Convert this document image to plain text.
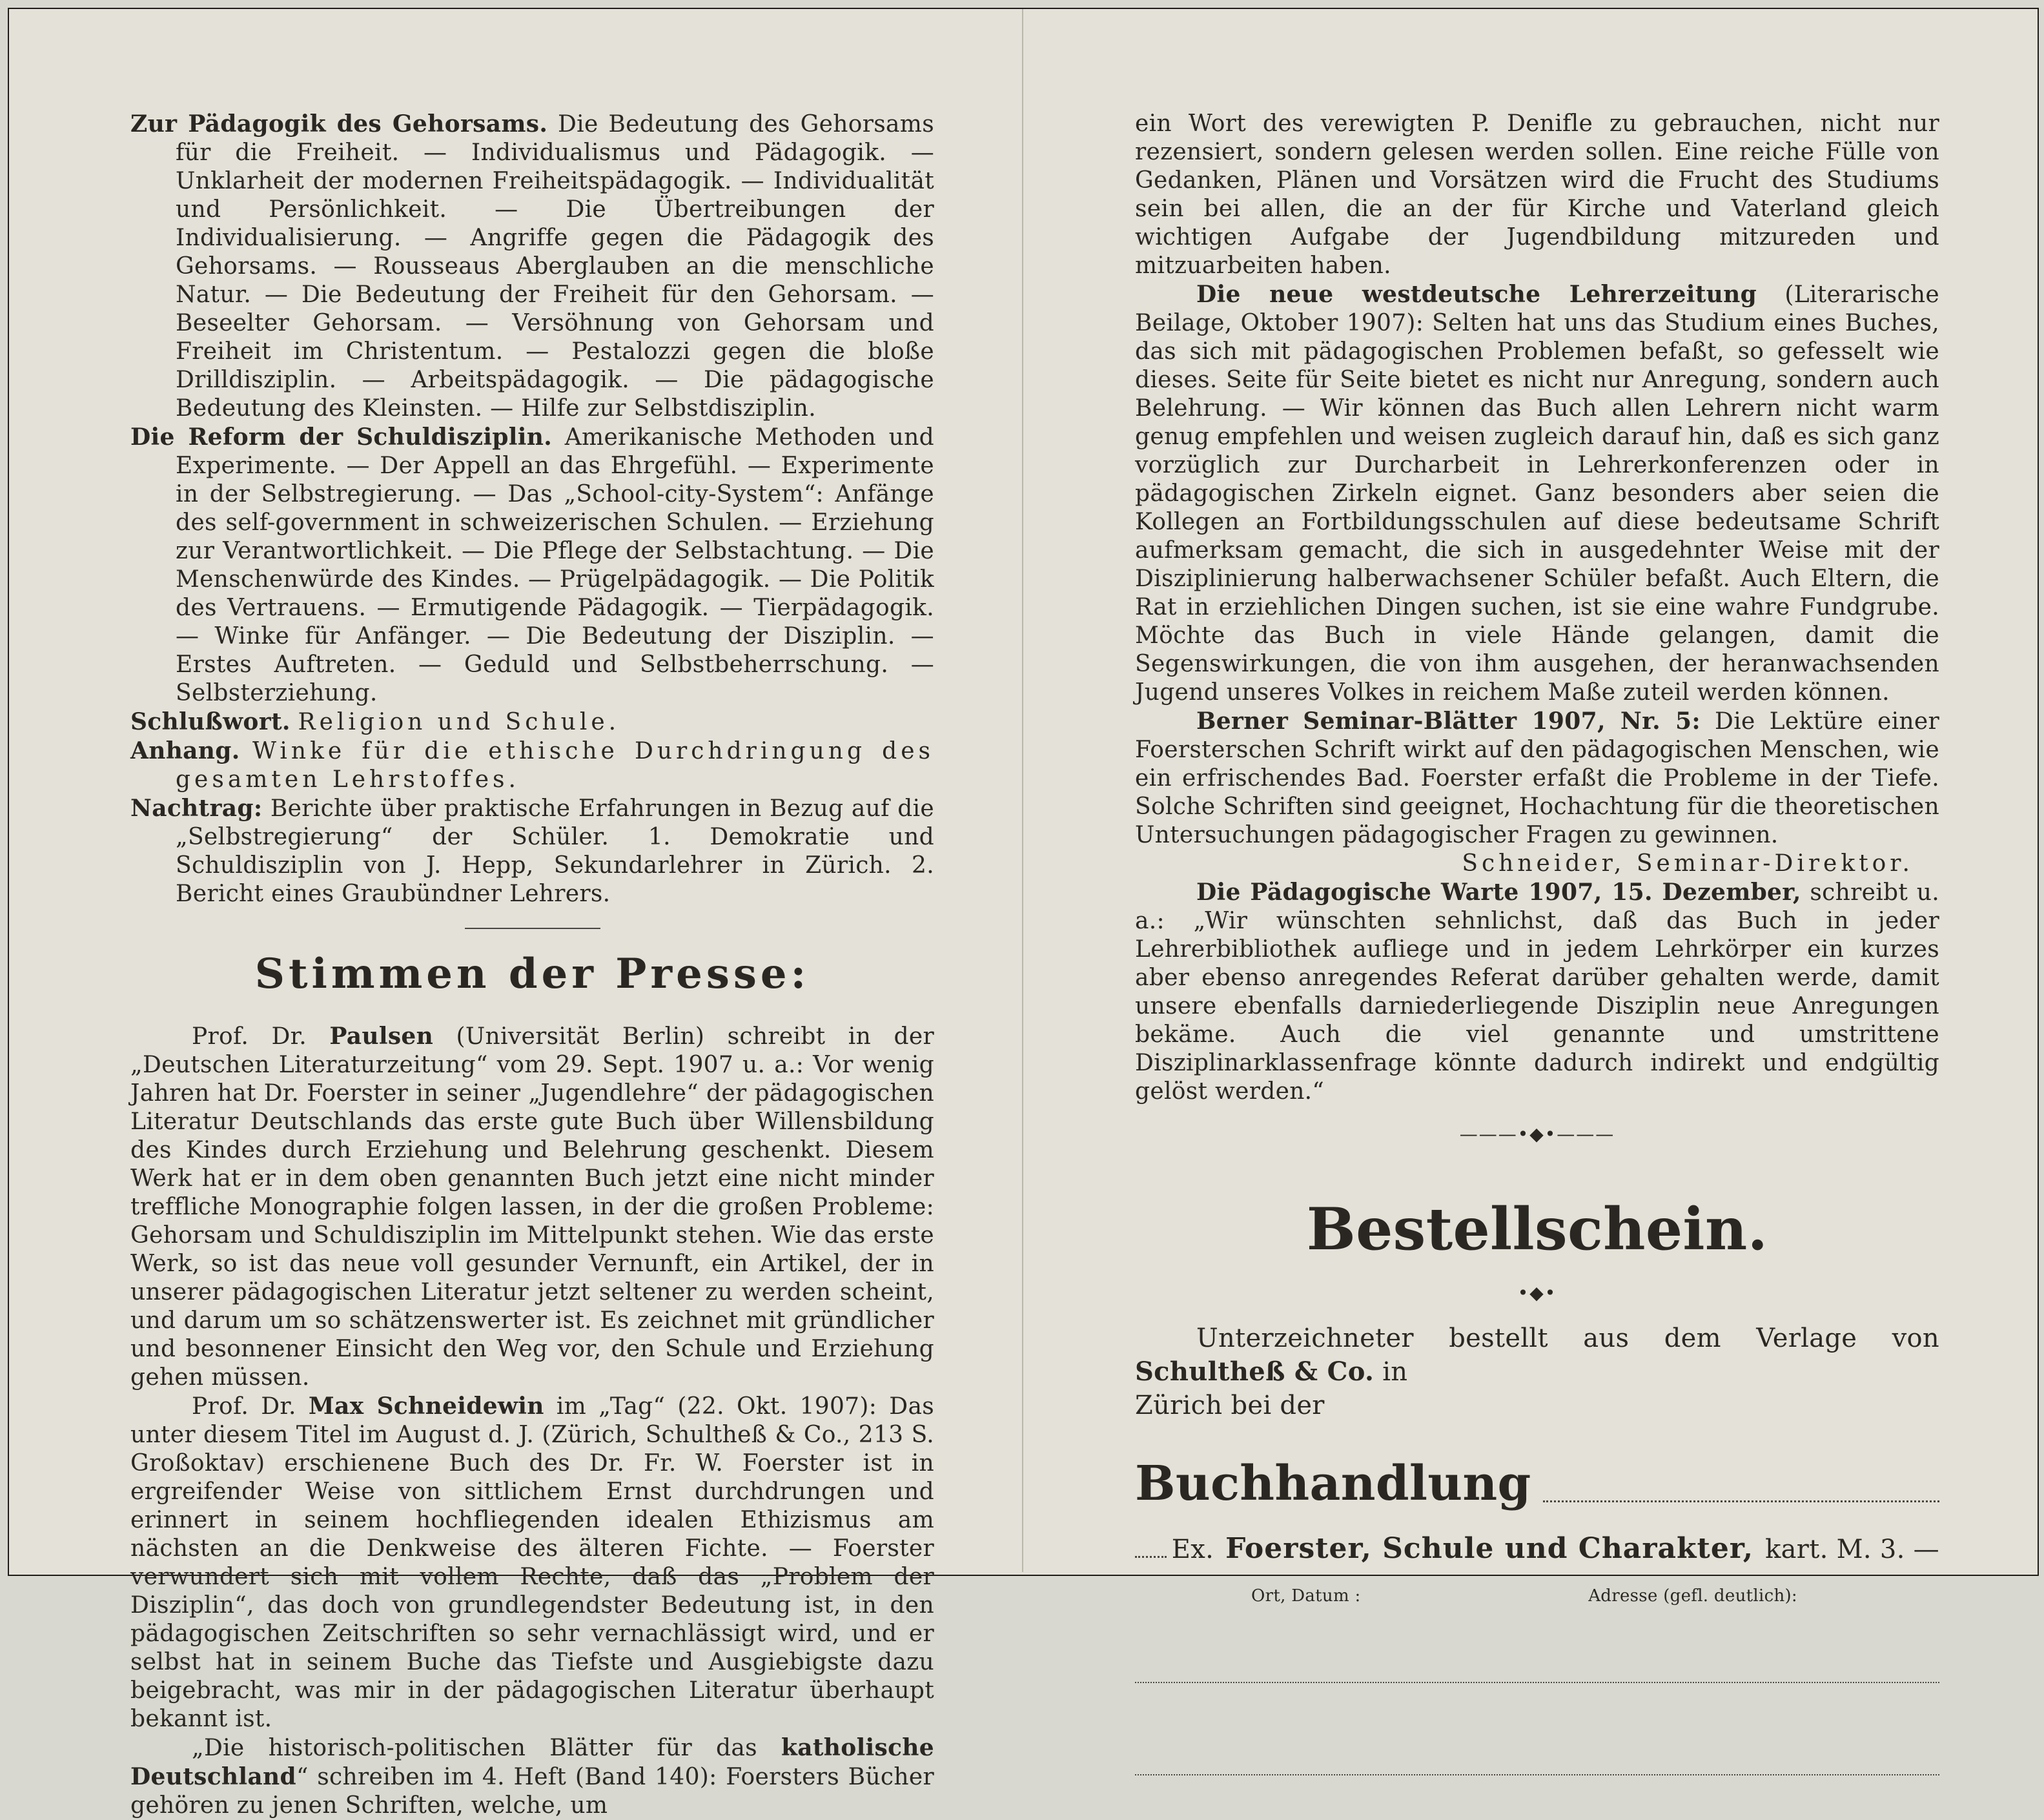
Zur Pädagogik des Gehorsams. Die Bedeutung des Gehorsams für die Freiheit. — Individualismus und Pädagogik. — Unklarheit der modernen Freiheitspädagogik. — Individualität und Persönlichkeit. — Die Übertreibungen der Individualisierung. — Angriffe gegen die Pädagogik des Gehorsams. — Rousseaus Aberglauben an die menschliche Natur. — Die Bedeutung der Freiheit für den Gehorsam. — Beseelter Gehorsam. — Versöhnung von Gehorsam und Freiheit im Christentum. — Pestalozzi gegen die bloße Drilldisziplin. — Arbeitspädagogik. — Die pädagogische Bedeutung des Kleinsten. — Hilfe zur Selbstdisziplin.

Die Reform der Schuldisziplin. Amerikanische Methoden und Experimente. — Der Appell an das Ehrgefühl. — Experimente in der Selbstregierung. — Das „School-city-System“: Anfänge des self-government in schweizerischen Schulen. — Erziehung zur Verantwortlichkeit. — Die Pflege der Selbstachtung. — Die Menschenwürde des Kindes. — Prügelpädagogik. — Die Politik des Vertrauens. — Ermutigende Pädagogik. — Tierpädagogik. — Winke für Anfänger. — Die Bedeutung der Disziplin. — Erstes Auftreten. — Geduld und Selbstbeherrschung. — Selbsterziehung.

Schlußwort. Religion und Schule.

Anhang. Winke für die ethische Durchdringung des gesamten Lehrstoffes.

Nachtrag: Berichte über praktische Erfahrungen in Bezug auf die „Selbstregierung“ der Schüler. 1. Demokratie und Schuldisziplin von J. Hepp, Sekundarlehrer in Zürich. 2. Bericht eines Graubündner Lehrers.

Stimmen der Presse:

Prof. Dr. Paulsen (Universität Berlin) schreibt in der „Deutschen Literaturzeitung“ vom 29. Sept. 1907 u. a.: Vor wenig Jahren hat Dr. Foerster in seiner „Jugendlehre“ der pädagogischen Literatur Deutschlands das erste gute Buch über Willensbildung des Kindes durch Erziehung und Belehrung geschenkt. Diesem Werk hat er in dem oben genannten Buch jetzt eine nicht minder treffliche Monographie folgen lassen, in der die großen Probleme: Gehorsam und Schuldisziplin im Mittelpunkt stehen. Wie das erste Werk, so ist das neue voll gesunder Vernunft, ein Artikel, der in unserer pädagogischen Literatur jetzt seltener zu werden scheint, und darum um so schätzenswerter ist. Es zeichnet mit gründlicher und besonnener Einsicht den Weg vor, den Schule und Erziehung gehen müssen.

Prof. Dr. Max Schneidewin im „Tag“ (22. Okt. 1907): Das unter diesem Titel im August d. J. (Zürich, Schultheß & Co., 213 S. Großoktav) erschienene Buch des Dr. Fr. W. Foerster ist in ergreifender Weise von sittlichem Ernst durchdrungen und erinnert in seinem hochfliegenden idealen Ethizismus am nächsten an die Denkweise des älteren Fichte. — Foerster verwundert sich mit vollem Rechte, daß das „Problem der Disziplin“, das doch von grundlegendster Bedeutung ist, in den pädagogischen Zeitschriften so sehr vernachlässigt wird, und er selbst hat in seinem Buche das Tiefste und Ausgiebigste dazu beigebracht, was mir in der pädagogischen Literatur überhaupt bekannt ist.

„Die historisch-politischen Blätter für das katholische Deutschland“ schreiben im 4. Heft (Band 140): Foersters Bücher gehören zu jenen Schriften, welche, um

ein Wort des verewigten P. Denifle zu gebrauchen, nicht nur rezensiert, sondern gelesen werden sollen. Eine reiche Fülle von Gedanken, Plänen und Vorsätzen wird die Frucht des Studiums sein bei allen, die an der für Kirche und Vaterland gleich wichtigen Aufgabe der Jugendbildung mitzureden und mitzuarbeiten haben.

Die neue westdeutsche Lehrerzeitung (Literarische Beilage, Oktober 1907): Selten hat uns das Studium eines Buches, das sich mit pädagogischen Problemen befaßt, so gefesselt wie dieses. Seite für Seite bietet es nicht nur Anregung, sondern auch Belehrung. — Wir können das Buch allen Lehrern nicht warm genug empfehlen und weisen zugleich darauf hin, daß es sich ganz vorzüglich zur Durcharbeit in Lehrerkonferenzen oder in pädagogischen Zirkeln eignet. Ganz besonders aber seien die Kollegen an Fortbildungsschulen auf diese bedeutsame Schrift aufmerksam gemacht, die sich in ausgedehnter Weise mit der Disziplinierung halberwachsener Schüler befaßt. Auch Eltern, die Rat in erziehlichen Dingen suchen, ist sie eine wahre Fundgrube. Möchte das Buch in viele Hände gelangen, damit die Segenswirkungen, die von ihm ausgehen, der heranwachsenden Jugend unseres Volkes in reichem Maße zuteil werden können.

Berner Seminar-Blätter 1907, Nr. 5: Die Lektüre einer Foersterschen Schrift wirkt auf den pädagogischen Menschen, wie ein erfrischendes Bad. Foerster erfaßt die Probleme in der Tiefe. Solche Schriften sind geeignet, Hochachtung für die theoretischen Untersuchungen pädagogischer Fragen zu gewinnen.

Schneider, Seminar-Direktor.

Die Pädagogische Warte 1907, 15. Dezember, schreibt u. a.: „Wir wünschten sehnlichst, daß das Buch in jeder Lehrerbibliothek aufliege und in jedem Lehrkörper ein kurzes aber ebenso anregendes Referat darüber gehalten werde, damit unsere ebenfalls darniederliegende Disziplin neue Anregungen bekäme. Auch die viel genannte und umstrittene Disziplinarklassenfrage könnte dadurch indirekt und endgültig gelöst werden.“

———•◆•———
Bestellschein.
•◆•

Unterzeichneter bestellt aus dem Verlage von Schultheß & Co. in

Zürich bei der

Buchhandlung
Ex. Foerster, Schule und Charakter, kart. M. 3. —
Ort, Datum :	Adresse (gefl. deutlich):
